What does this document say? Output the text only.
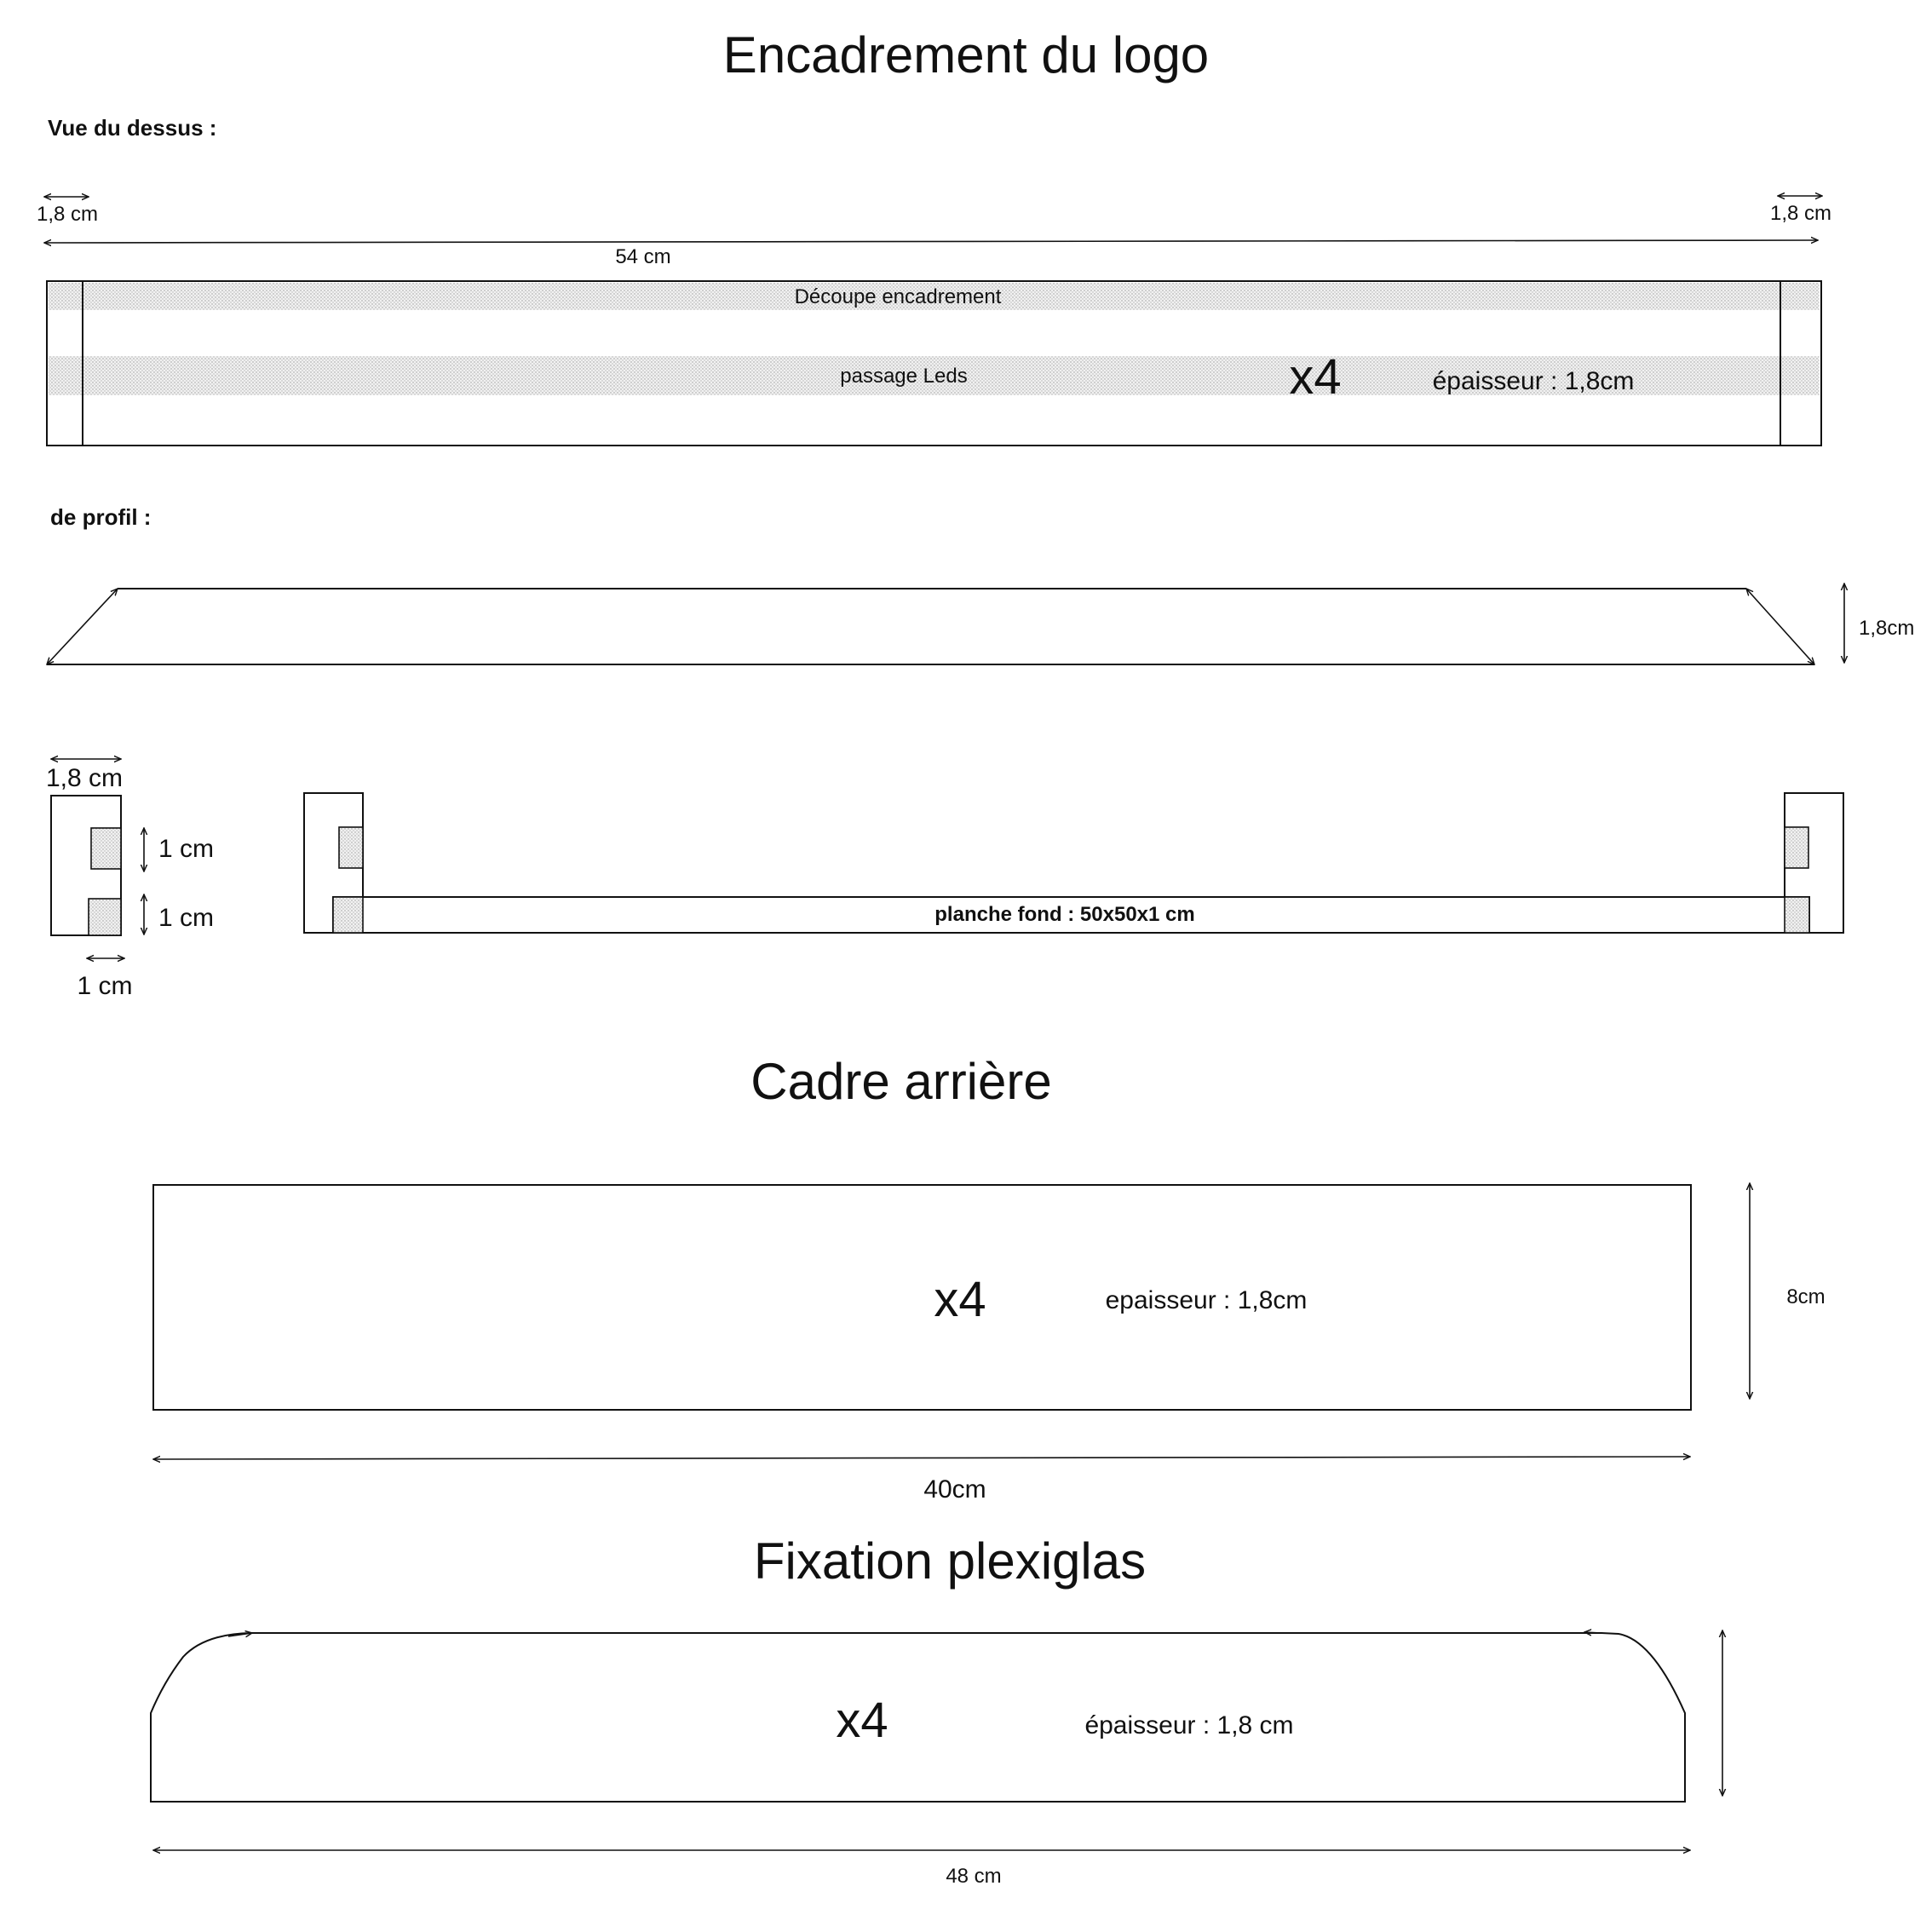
Encadrement du logo
Vue du dessus :
1,8 cm	1,8 cm
54 cm
Découpe encadrement
passage Leds	x4	épaisseur : 1,8cm
de profil :
1,8cm
1,8 cm
1 cm
1 cm
1 cm
planche fond : 50x50x1 cm
Cadre arrière
x4	epaisseur : 1,8cm	8cm
40cm
Fixation plexiglas
x4	épaisseur : 1,8 cm
48 cm
